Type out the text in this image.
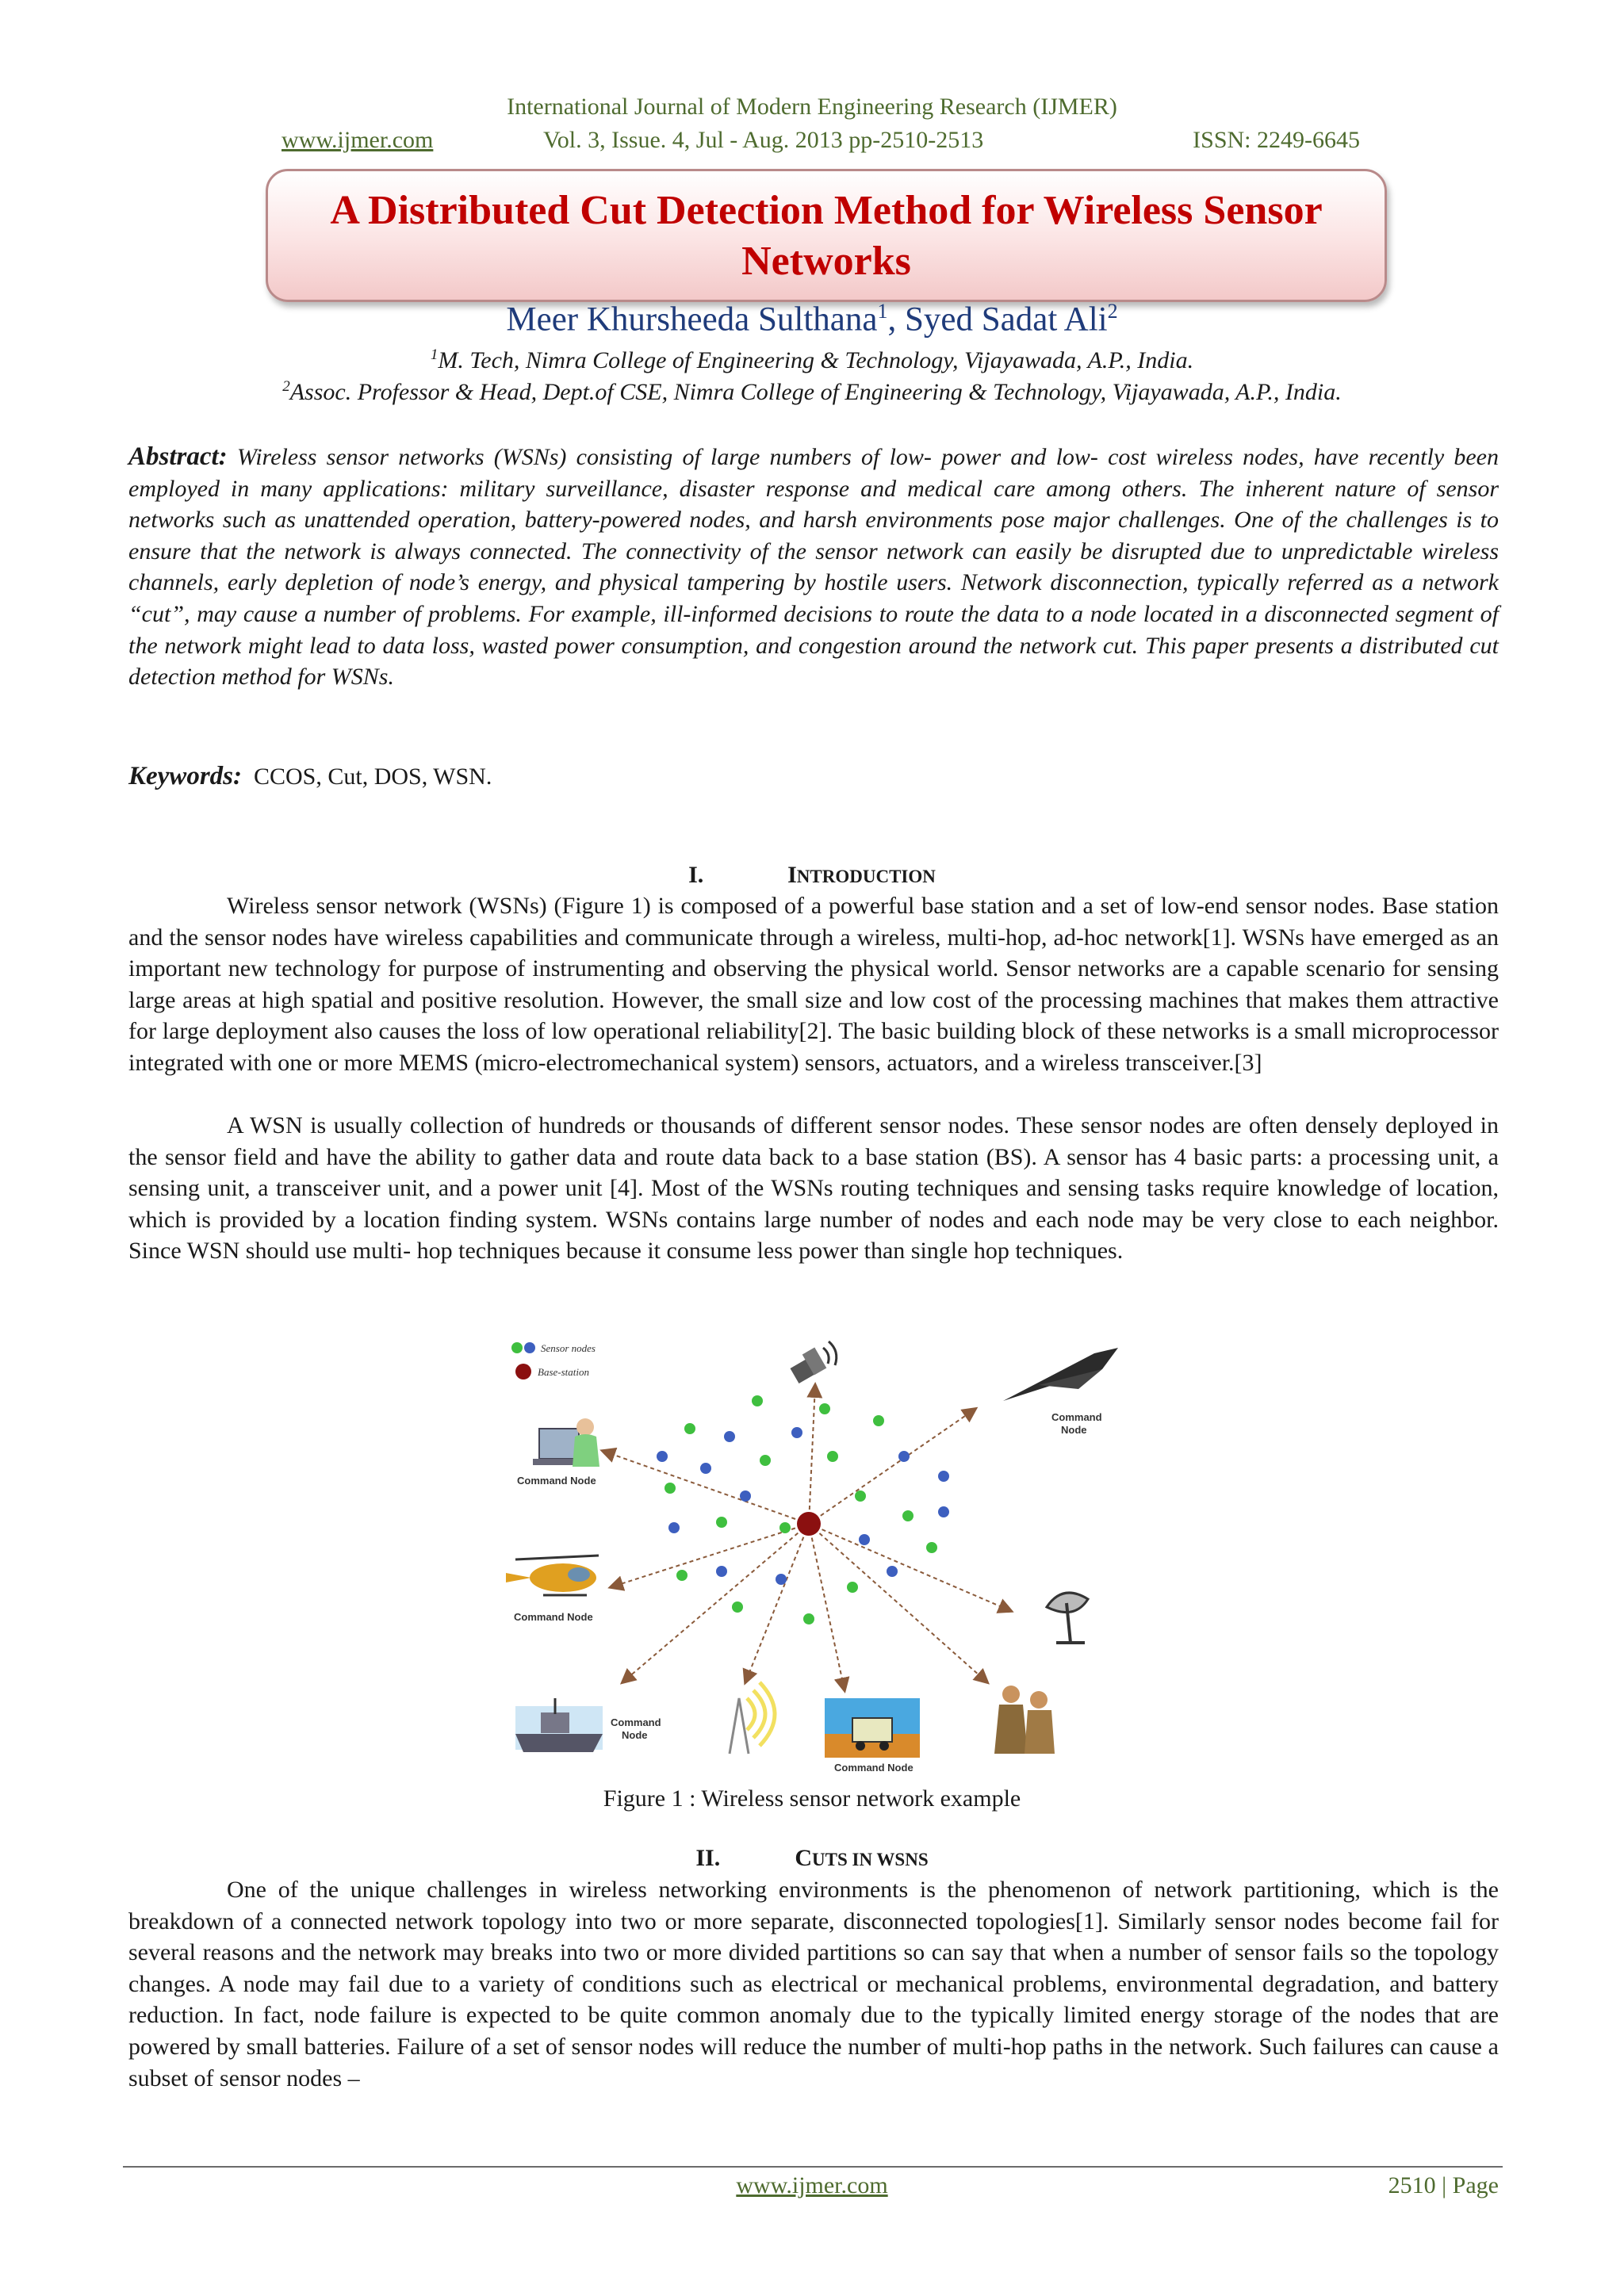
International Journal of Modern Engineering Research (IJMER)
www.ijmer.com	Vol. 3, Issue. 4, Jul - Aug. 2013 pp-2510-2513	ISSN: 2249-6645
A Distributed Cut Detection Method for Wireless Sensor Networks
Meer Khursheeda Sulthana$^1$, Syed Sadat Ali$^2$
$^1$M. Tech, Nimra College of Engineering & Technology, Vijayawada, A.P., India.
$^2$Assoc. Professor & Head, Dept.of CSE, Nimra College of Engineering & Technology, Vijayawada, A.P., India.
Abstract: Wireless sensor networks (WSNs) consisting of large numbers of low- power and low- cost wireless nodes, have recently been employed in many applications: military surveillance, disaster response and medical care among others. The inherent nature of sensor networks such as unattended operation, battery-powered nodes, and harsh environments pose major challenges. One of the challenges is to ensure that the network is always connected. The connectivity of the sensor network can easily be disrupted due to unpredictable wireless channels, early depletion of node’s energy, and physical tampering by hostile users. Network disconnection, typically referred as a network “cut”, may cause a number of problems. For example, ill-informed decisions to route the data to a node located in a disconnected segment of the network might lead to data loss, wasted power consumption, and congestion around the network cut. This paper presents a distributed cut detection method for WSNs.
Keywords: CCOS, Cut, DOS, WSN.
I.	INTRODUCTION
Wireless sensor network (WSNs) (Figure 1) is composed of a powerful base station and a set of low-end sensor nodes. Base station and the sensor nodes have wireless capabilities and communicate through a wireless, multi-hop, ad-hoc network[1]. WSNs have emerged as an important new technology for purpose of instrumenting and observing the physical world. Sensor networks are a capable scenario for sensing large areas at high spatial and positive resolution. However, the small size and low cost of the processing machines that makes them attractive for large deployment also causes the loss of low operational reliability[2]. The basic building block of these networks is a small microprocessor integrated with one or more MEMS (micro-electromechanical system) sensors, actuators, and a wireless transceiver.[3]
A WSN is usually collection of hundreds or thousands of different sensor nodes. These sensor nodes are often densely deployed in the sensor field and have the ability to gather data and route data back to a base station (BS). A sensor has 4 basic parts: a processing unit, a sensing unit, a transceiver unit, and a power unit [4]. Most of the WSNs routing techniques and sensing tasks require knowledge of location, which is provided by a location finding system. WSNs contains large number of nodes and each node may be very close to each neighbor. Since WSN should use multi- hop techniques because it consume less power than single hop techniques.
Sensor nodes
Base-station
Command
Node
Command Node
Command Node
Command
Node
Command Node
Figure 1 : Wireless sensor network example
II.	CUTS IN WSNS
One of the unique challenges in wireless networking environments is the phenomenon of network partitioning, which is the breakdown of a connected network topology into two or more separate, disconnected topologies[1]. Similarly sensor nodes become fail for several reasons and the network may breaks into two or more divided partitions so can say that when a number of sensor fails so the topology changes. A node may fail due to a variety of conditions such as electrical or mechanical problems, environmental degradation, and battery reduction. In fact, node failure is expected to be quite common anomaly due to the typically limited energy storage of the nodes that are powered by small batteries. Failure of a set of sensor nodes will reduce the number of multi-hop paths in the network. Such failures can cause a subset of sensor nodes –
www.ijmer.com	2510 | Page
